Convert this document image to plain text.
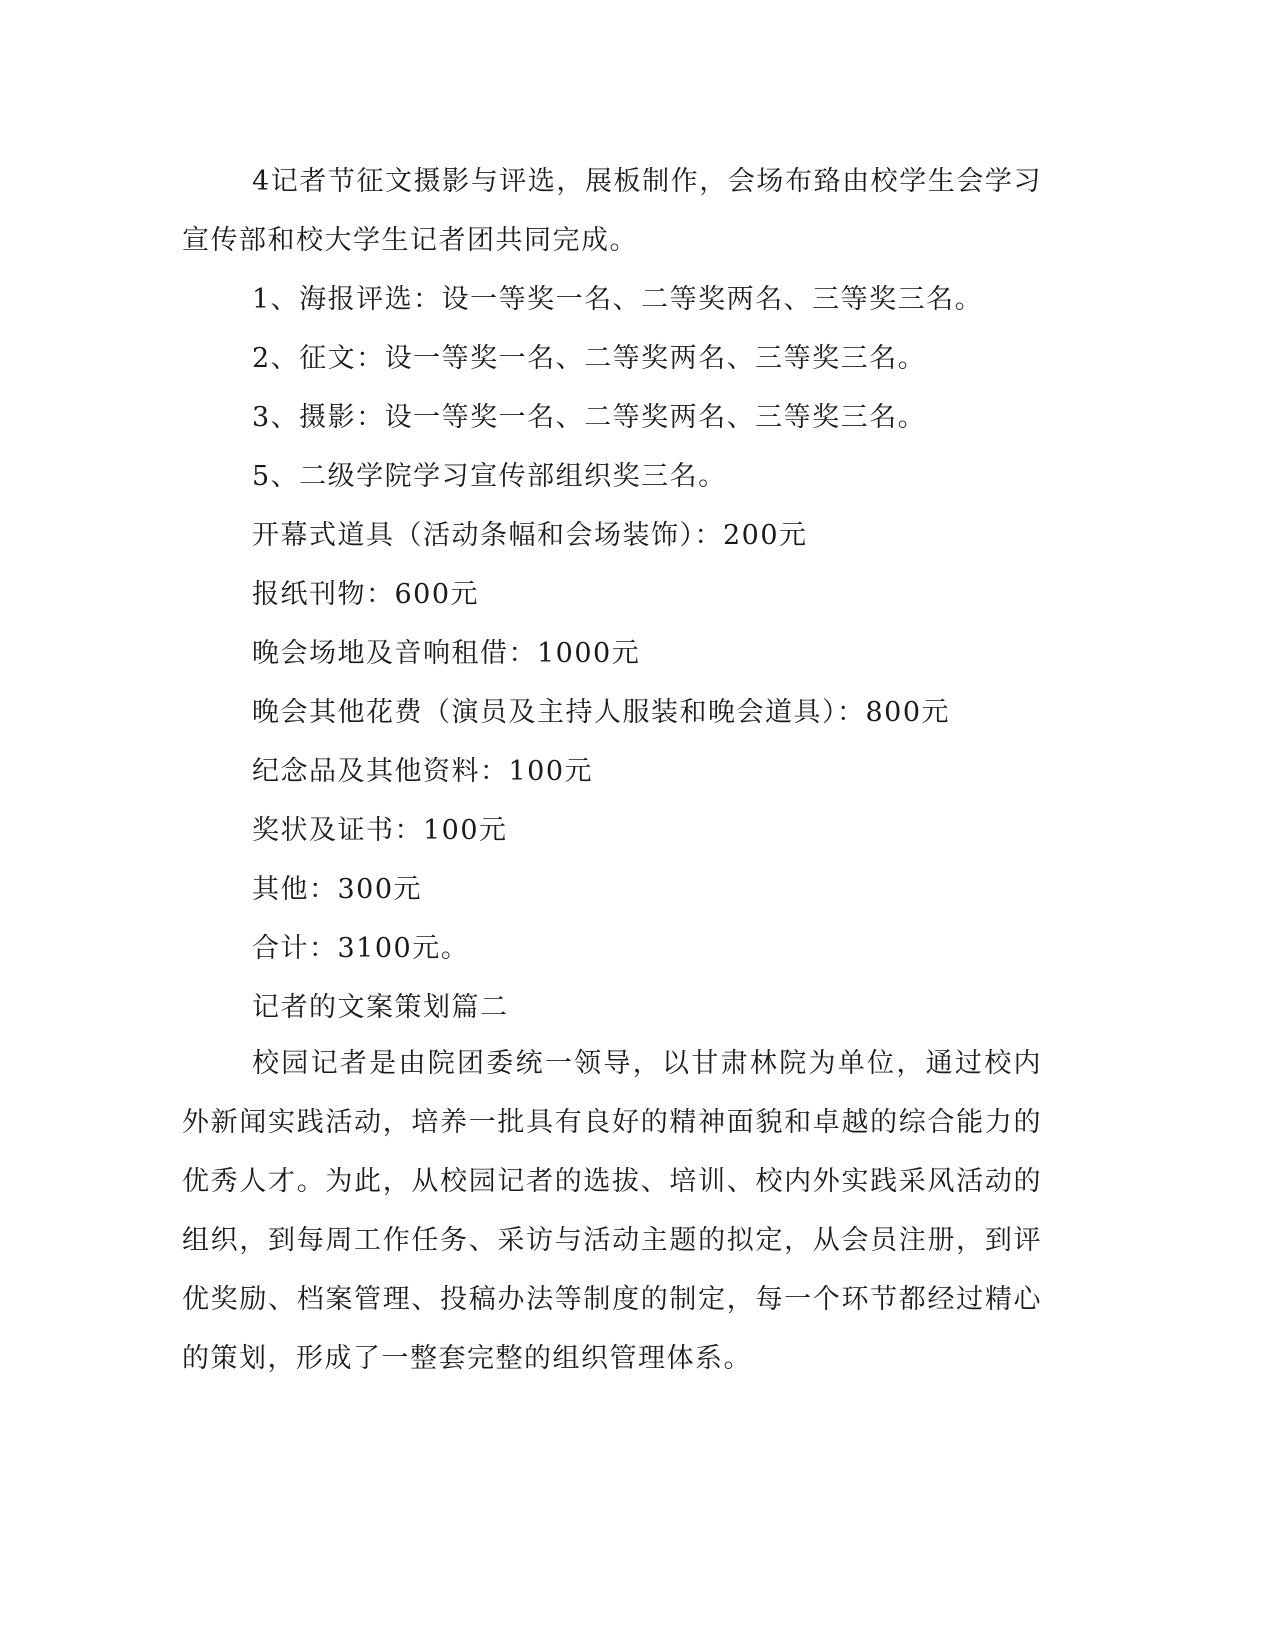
4记者节征文摄影与评选，展板制作，会场布臵由校学生会学习宣传部和校大学生记者团共同完成。

1、海报评选：设一等奖一名、二等奖两名、三等奖三名。

2、征文：设一等奖一名、二等奖两名、三等奖三名。

3、摄影：设一等奖一名、二等奖两名、三等奖三名。

5、二级学院学习宣传部组织奖三名。

开幕式道具（活动条幅和会场装饰）：200元

报纸刊物：600元

晚会场地及音响租借：1000元

晚会其他花费（演员及主持人服装和晚会道具）：800元

纪念品及其他资料：100元

奖状及证书：100元

其他：300元

合计：3100元。

记者的文案策划篇二

校园记者是由院团委统一领导，以甘肃林院为单位，通过校内外新闻实践活动，培养一批具有良好的精神面貌和卓越的综合能力的优秀人才。为此，从校园记者的选拔、培训、校内外实践采风活动的组织，到每周工作任务、采访与活动主题的拟定，从会员注册，到评优奖励、档案管理、投稿办法等制度的制定，每一个环节都经过精心的策划，形成了一整套完整的组织管理体系。
